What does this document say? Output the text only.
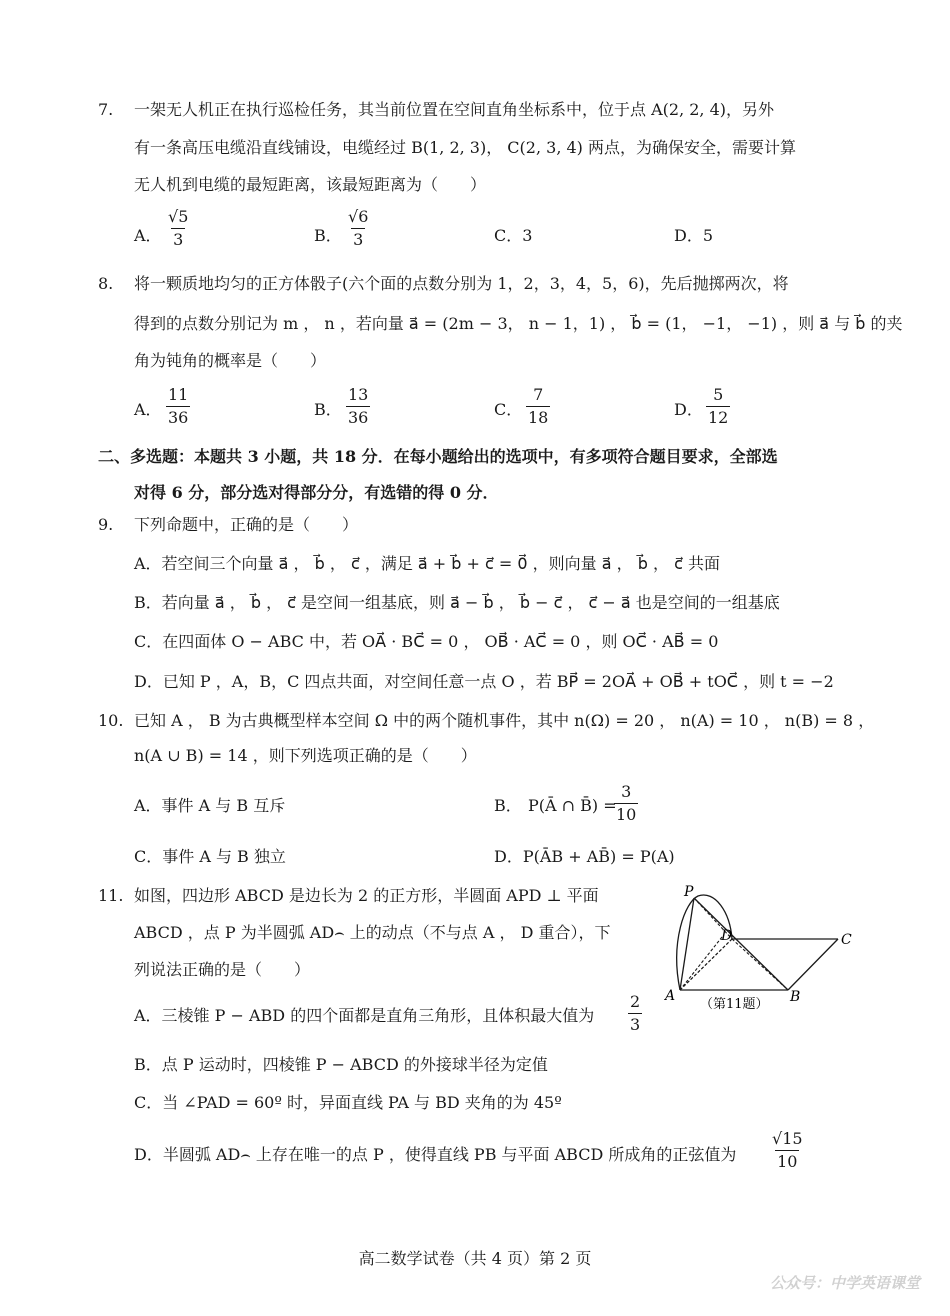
7. 一架无人机正在执行巡检任务，其当前位置在空间直角坐标系中，位于点 A(2, 2, 4)，另外
有一条高压电缆沿直线铺设，电缆经过 B(1, 2, 3)， C(2, 3, 4) 两点，为确保安全，需要计算
无人机到电缆的最短距离，该最短距离为（　　）
A． $\frac{√5}{3}$	B． $\frac{√6}{3}$	C．3	D．5
8. 将一颗质地均匀的正方体骰子(六个面的点数分别为 1，2，3，4，5，6)，先后抛掷两次，将
得到的点数分别记为 m ， n ，若向量 a⃗ = (2m − 3， n − 1，1) ， b⃗ = (1， −1， −1) ，则 a⃗ 与 b⃗ 的夹
角为钝角的概率是（　　）
A． $\frac{11}{36}$	B． $\frac{13}{36}$	C． $\frac{7}{18}$	D． $\frac{5}{12}$
二、多选题：本题共 3 小题，共 18 分．在每小题给出的选项中，有多项符合题目要求，全部选
对得 6 分，部分选对得部分分，有选错的得 0 分．
9. 下列命题中，正确的是（　　）
A．若空间三个向量 a⃗ ， b⃗ ， c⃗ ，满足 a⃗ + b⃗ + c⃗ = 0⃗ ，则向量 a⃗ ， b⃗ ， c⃗ 共面
B．若向量 a⃗ ， b⃗ ， c⃗ 是空间一组基底，则 a⃗ − b⃗ ， b⃗ − c⃗ ， c⃗ − a⃗ 也是空间的一组基底
C．在四面体 O − ABC 中，若 OA⃗ · BC⃗ = 0 ， OB⃗ · AC⃗ = 0 ，则 OC⃗ · AB⃗ = 0
D．已知 P ，A，B，C 四点共面，对空间任意一点 O ，若 BP⃗ = 2OA⃗ + OB⃗ + tOC⃗ ，则 t = −2
10. 已知 A ， B 为古典概型样本空间 Ω 中的两个随机事件，其中 n(Ω) = 20 ， n(A) = 10 ， n(B) = 8 ，
n(A ∪ B) = 14 ，则下列选项正确的是（　　）
A．事件 A 与 B 互斥	B． P(Ā ∩ B̄) =
$\frac{3}{10}$
C．事件 A 与 B 独立	D．P(ĀB + AB̄) = P(A)
11. 如图，四边形 ABCD 是边长为 2 的正方形，半圆面 APD ⊥ 平面
ABCD ，点 P 为半圆弧 AD⌢ 上的动点（不与点 A ， D 重合），下
列说法正确的是（　　）
A．三棱锥 P − ABD 的四个面都是直角三角形，且体积最大值为 $\frac{2}{3}$
B．点 P 运动时，四棱锥 P − ABCD 的外接球半径为定值
C．当 ∠PAD = 60º 时，异面直线 PA 与 BD 夹角的为 45º
D．半圆弧 AD⌢ 上存在唯一的点 P ，使得直线 PB 与平面 ABCD 所成角的正弦值为 $\frac{√15}{10}$
P
D	C
A	B
（第11题）
高二数学试卷（共 4 页）第 2 页
公众号：中学英语课堂
